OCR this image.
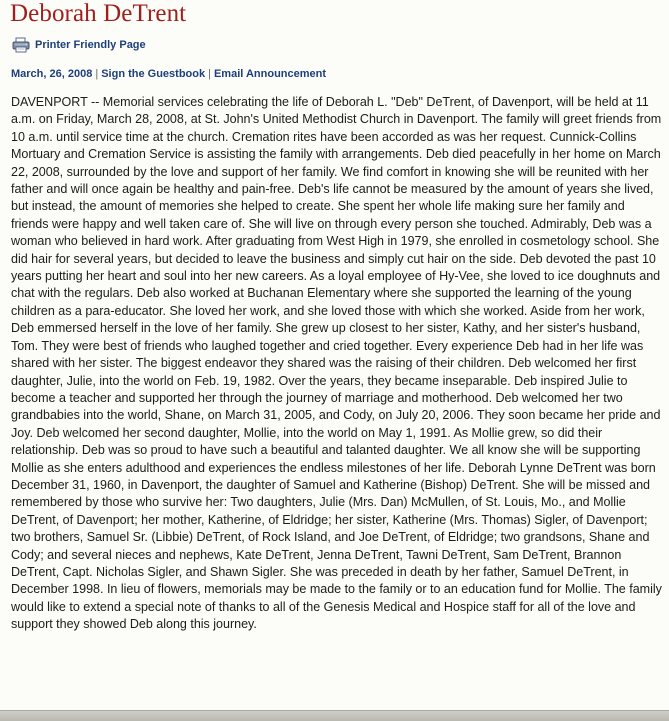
Deborah DeTrent
Printer Friendly Page
March, 26, 2008 | Sign the Guestbook | Email Announcement

DAVENPORT -- Memorial services celebrating the life of Deborah L. "Deb" DeTrent, of Davenport, will be held at 11 a.m. on Friday, March 28, 2008, at St. John's United Methodist Church in Davenport. The family will greet friends from 10 a.m. until service time at the church. Cremation rites have been accorded as was her request. Cunnick-Collins Mortuary and Cremation Service is assisting the family with arrangements. Deb died peacefully in her home on March 22, 2008, surrounded by the love and support of her family. We find comfort in knowing she will be reunited with her father and will once again be healthy and pain-free. Deb's life cannot be measured by the amount of years she lived, but instead, the amount of memories she helped to create. She spent her whole life making sure her family and friends were happy and well taken care of. She will live on through every person she touched. Admirably, Deb was a woman who believed in hard work. After graduating from West High in 1979, she enrolled in cosmetology school. She did hair for several years, but decided to leave the business and simply cut hair on the side. Deb devoted the past 10 years putting her heart and soul into her new careers. As a loyal employee of Hy-Vee, she loved to ice doughnuts and chat with the regulars. Deb also worked at Buchanan Elementary where she supported the learning of the young children as a para-educator. She loved her work, and she loved those with which she worked. Aside from her work, Deb emmersed herself in the love of her family. She grew up closest to her sister, Kathy, and her sister's husband, Tom. They were best of friends who laughed together and cried together. Every experience Deb had in her life was shared with her sister. The biggest endeavor they shared was the raising of their children. Deb welcomed her first daughter, Julie, into the world on Feb. 19, 1982. Over the years, they became inseparable. Deb inspired Julie to become a teacher and supported her through the journey of marriage and motherhood. Deb welcomed her two grandbabies into the world, Shane, on March 31, 2005, and Cody, on July 20, 2006. They soon became her pride and Joy. Deb welcomed her second daughter, Mollie, into the world on May 1, 1991. As Mollie grew, so did their relationship. Deb was so proud to have such a beautiful and talanted daughter. We all know she will be supporting Mollie as she enters adulthood and experiences the endless milestones of her life. Deborah Lynne DeTrent was born December 31, 1960, in Davenport, the daughter of Samuel and Katherine (Bishop) DeTrent. She will be missed and remembered by those who survive her: Two daughters, Julie (Mrs. Dan) McMullen, of St. Louis, Mo., and Mollie DeTrent, of Davenport; her mother, Katherine, of Eldridge; her sister, Katherine (Mrs. Thomas) Sigler, of Davenport; two brothers, Samuel Sr. (Libbie) DeTrent, of Rock Island, and Joe DeTrent, of Eldridge; two grandsons, Shane and Cody; and several nieces and nephews, Kate DeTrent, Jenna DeTrent, Tawni DeTrent, Sam DeTrent, Brannon DeTrent, Capt. Nicholas Sigler, and Shawn Sigler. She was preceded in death by her father, Samuel DeTrent, in December 1998. In lieu of flowers, memorials may be made to the family or to an education fund for Mollie. The family would like to extend a special note of thanks to all of the Genesis Medical and Hospice staff for all of the love and support they showed Deb along this journey.
